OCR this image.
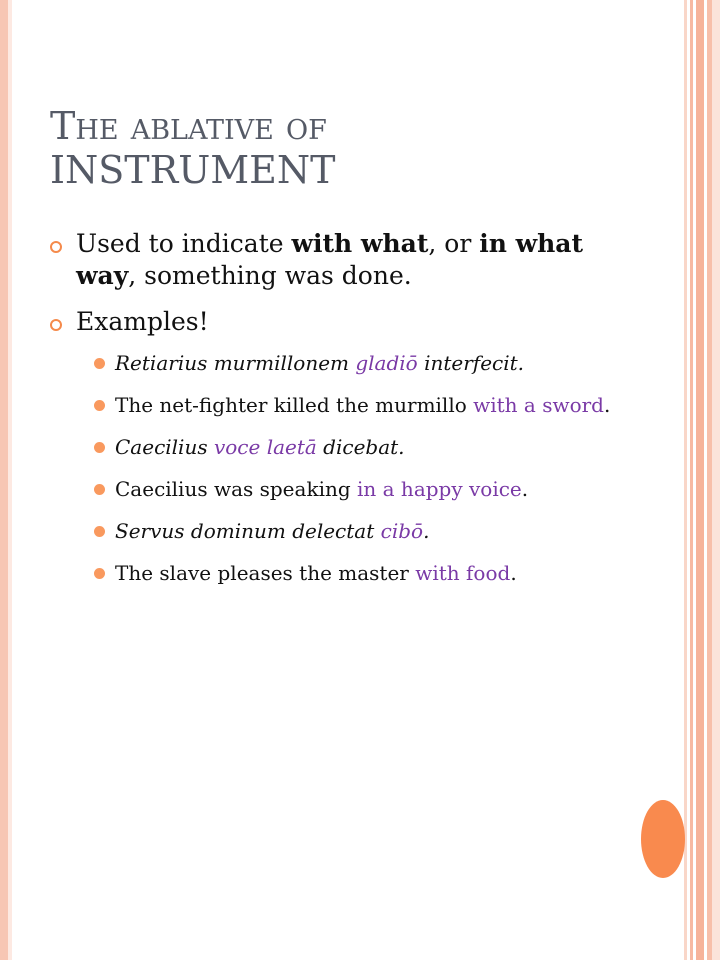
The ablative of
INSTRUMENT
Used to indicate with what, or in what way, something was done.
Examples!
Retiarius murmillonem gladiō interfecit.
The net-fighter killed the murmillo with a sword.
Caecilius voce laetā dicebat.
Caecilius was speaking in a happy voice.
Servus dominum delectat cibō.
The slave pleases the master with food.
